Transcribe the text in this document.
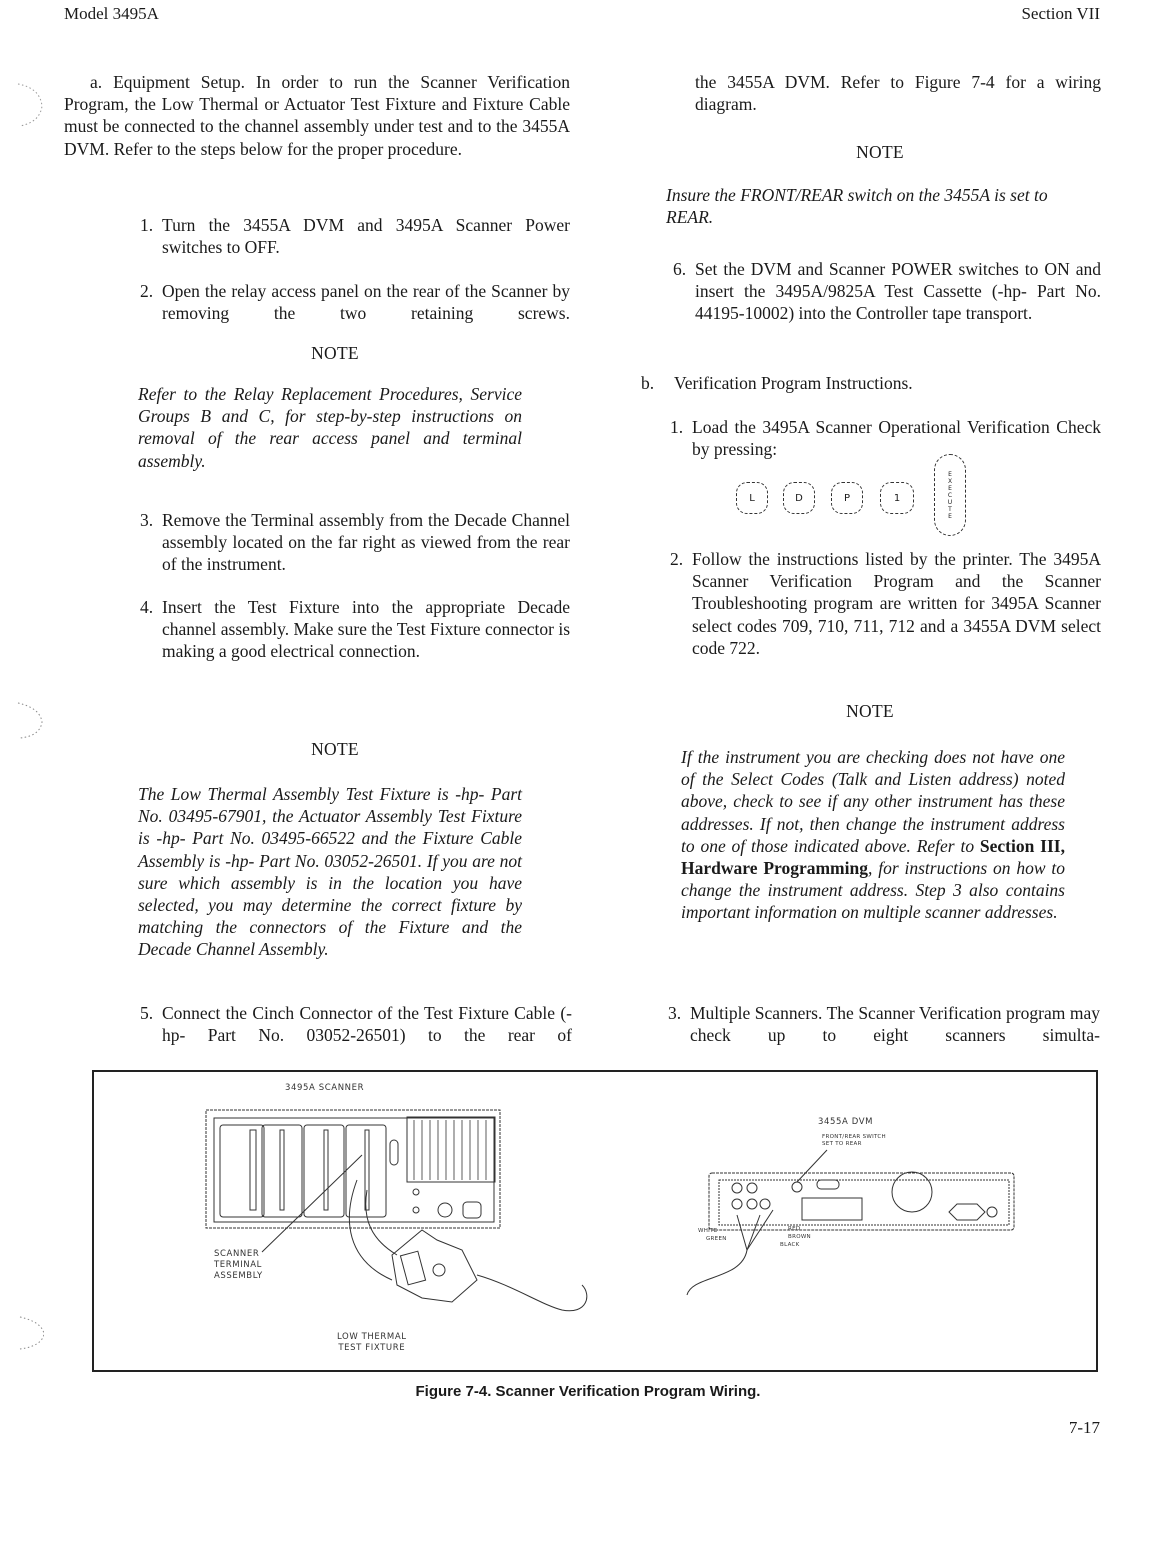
Model 3495A	Section VII
a. Equipment Setup. In order to run the Scanner Verification Program, the Low Thermal or Actuator Test Fixture and Fixture Cable must be connected to the channel assembly under test and to the 3455A DVM. Refer to the steps below for the proper procedure.
1. Turn the 3455A DVM and 3495A Scanner Power switches to OFF.
2. Open the relay access panel on the rear of the Scanner by removing the two retaining screws.
NOTE
Refer to the Relay Replacement Procedures, Service Groups B and C, for step-by-step instructions on removal of the rear access panel and terminal assembly.
3. Remove the Terminal assembly from the Decade Channel assembly located on the far right as viewed from the rear of the instrument.
4. Insert the Test Fixture into the appropriate Decade channel assembly. Make sure the Test Fixture connector is making a good electrical connection.
NOTE
The Low Thermal Assembly Test Fixture is -hp- Part No. 03495-67901, the Actuator Assembly Test Fixture is -hp- Part No. 03495-66522 and the Fixture Cable Assembly is -hp- Part No. 03052-26501. If you are not sure which assembly is in the location you have selected, you may determine the correct fixture by matching the connectors of the Fixture and the Decade Channel Assembly.
5. Connect the Cinch Connector of the Test Fixture Cable (-hp- Part No. 03052-26501) to the rear of
the 3455A DVM. Refer to Figure 7-4 for a wiring diagram.
NOTE
Insure the FRONT/REAR switch on the 3455A is set to REAR.
6. Set the DVM and Scanner POWER switches to ON and insert the 3495A/9825A Test Cassette (-hp- Part No. 44195-10002) into the Controller tape transport.
b.	Verification Program Instructions.
1. Load the 3495A Scanner Operational Verification Check by pressing:
L	D	P	1	EXECUTE
2. Follow the instructions listed by the printer. The 3495A Scanner Verification Program and the Scanner Troubleshooting program are written for 3495A Scanner select codes 709, 710, 711, 712 and a 3455A DVM select code 722.
NOTE
If the instrument you are checking does not have one of the Select Codes (Talk and Listen address) noted above, check to see if any other instrument has these addresses. If not, then change the instrument address to one of those indicated above. Refer to Section III, Hardware Programming, for instructions on how to change the instrument address. Step 3 also contains important information on multiple scanner addresses.
3. Multiple Scanners. The Scanner Verification program may check up to eight scanners simulta-
3495A SCANNER
SCANNER
TERMINAL
ASSEMBLY
LOW THERMAL
TEST FIXTURE
3455A DVM
FRONT/REAR SWITCH
SET TO REAR
WHITE
GREEN
RED
BROWN
BLACK
Figure 7-4. Scanner Verification Program Wiring.
7-17
